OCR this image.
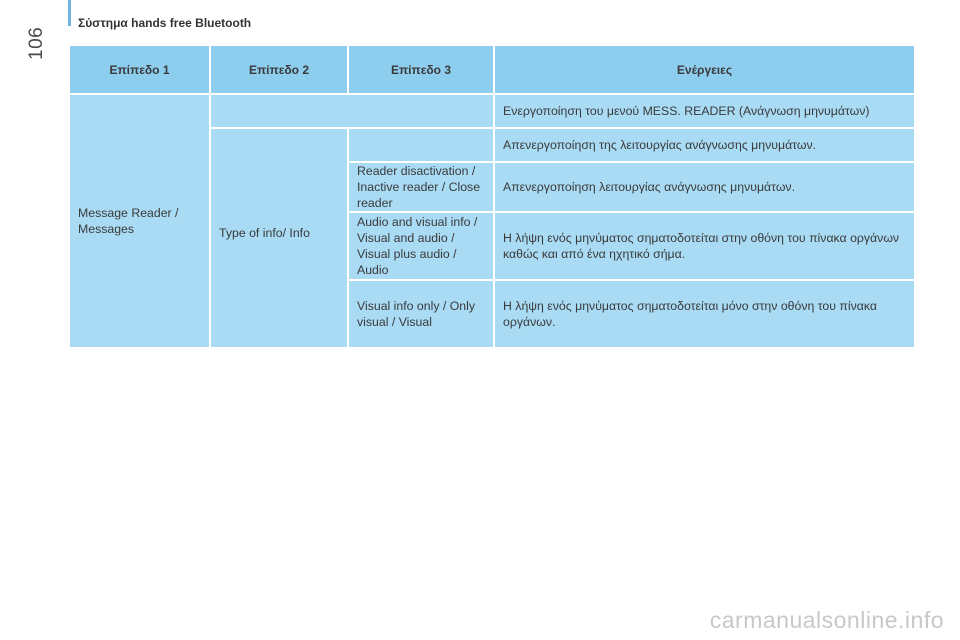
106
Σύστημα hands free Bluetooth
Επίπεδο 1	Επίπεδο 2	Επίπεδο 3	Ενέργειες
Message Reader / Messages			Ενεργοποίηση του μενού MESS. READER (Ανάγνωση μηνυμάτων)
	Type of info/ Info		Απενεργοποίηση της λειτουργίας ανάγνωσης μηνυμάτων.
		Reader disactivation / Inactive reader / Close reader	Απενεργοποίηση λειτουργίας ανάγνωσης μηνυμάτων.
		Audio and visual info / Visual and audio / Visual plus audio / Audio	Η λήψη ενός μηνύματος σηματοδοτείται στην οθόνη του πίνακα οργάνων καθώς και από ένα ηχητικό σήμα.
		Visual info only / Only visual / Visual	Η λήψη ενός μηνύματος σηματοδοτείται μόνο στην οθόνη του πίνακα οργάνων.
carmanualsonline.info
